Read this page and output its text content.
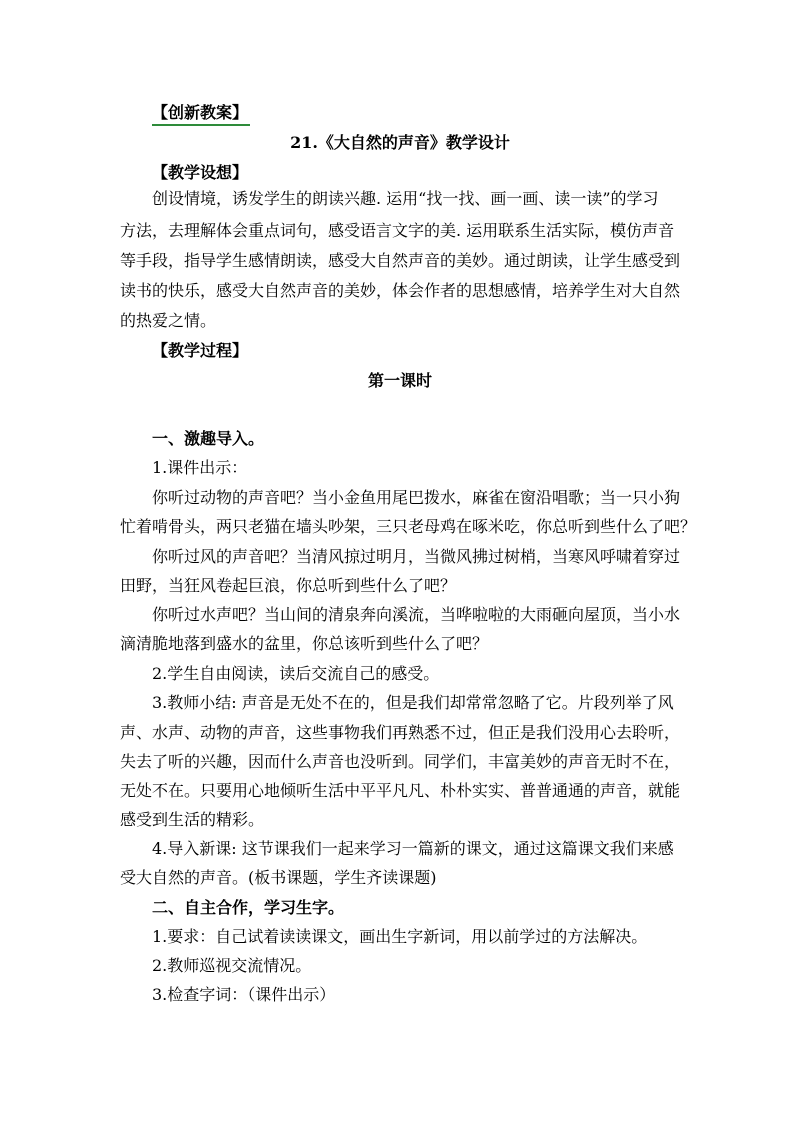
【创新教案】
21.《大自然的声音》教学设计
【教学设想】
创设情境，诱发学生的朗读兴趣. 运用“找一找、画一画、读一读”的学习
方法，去理解体会重点词句，感受语言文字的美. 运用联系生活实际，模仿声音
等手段，指导学生感情朗读，感受大自然声音的美妙。通过朗读，让学生感受到
读书的快乐，感受大自然声音的美妙，体会作者的思想感情，培养学生对大自然
的热爱之情。
【教学过程】
第一课时
一、激趣导入。
1.课件出示：
你听过动物的声音吧？当小金鱼用尾巴拨水，麻雀在窗沿唱歌；当一只小狗
忙着啃骨头，两只老猫在墙头吵架，三只老母鸡在啄米吃，你总听到些什么了吧？
你听过风的声音吧？当清风掠过明月，当微风拂过树梢，当寒风呼啸着穿过
田野，当狂风卷起巨浪，你总听到些什么了吧？
你听过水声吧？当山间的清泉奔向溪流，当哗啦啦的大雨砸向屋顶，当小水
滴清脆地落到盛水的盆里，你总该听到些什么了吧？
2.学生自由阅读，读后交流自己的感受。
3.教师小结: 声音是无处不在的，但是我们却常常忽略了它。片段列举了风
声、水声、动物的声音，这些事物我们再熟悉不过，但正是我们没用心去聆听，
失去了听的兴趣，因而什么声音也没听到。同学们，丰富美妙的声音无时不在，
无处不在。只要用心地倾听生活中平平凡凡、朴朴实实、普普通通的声音，就能
感受到生活的精彩。
4.导入新课: 这节课我们一起来学习一篇新的课文，通过这篇课文我们来感
受大自然的声音。(板书课题，学生齐读课题)
二、自主合作，学习生字。
1.要求：自己试着读读课文，画出生字新词，用以前学过的方法解决。
2.教师巡视交流情况。
3.检查字词：（课件出示）
